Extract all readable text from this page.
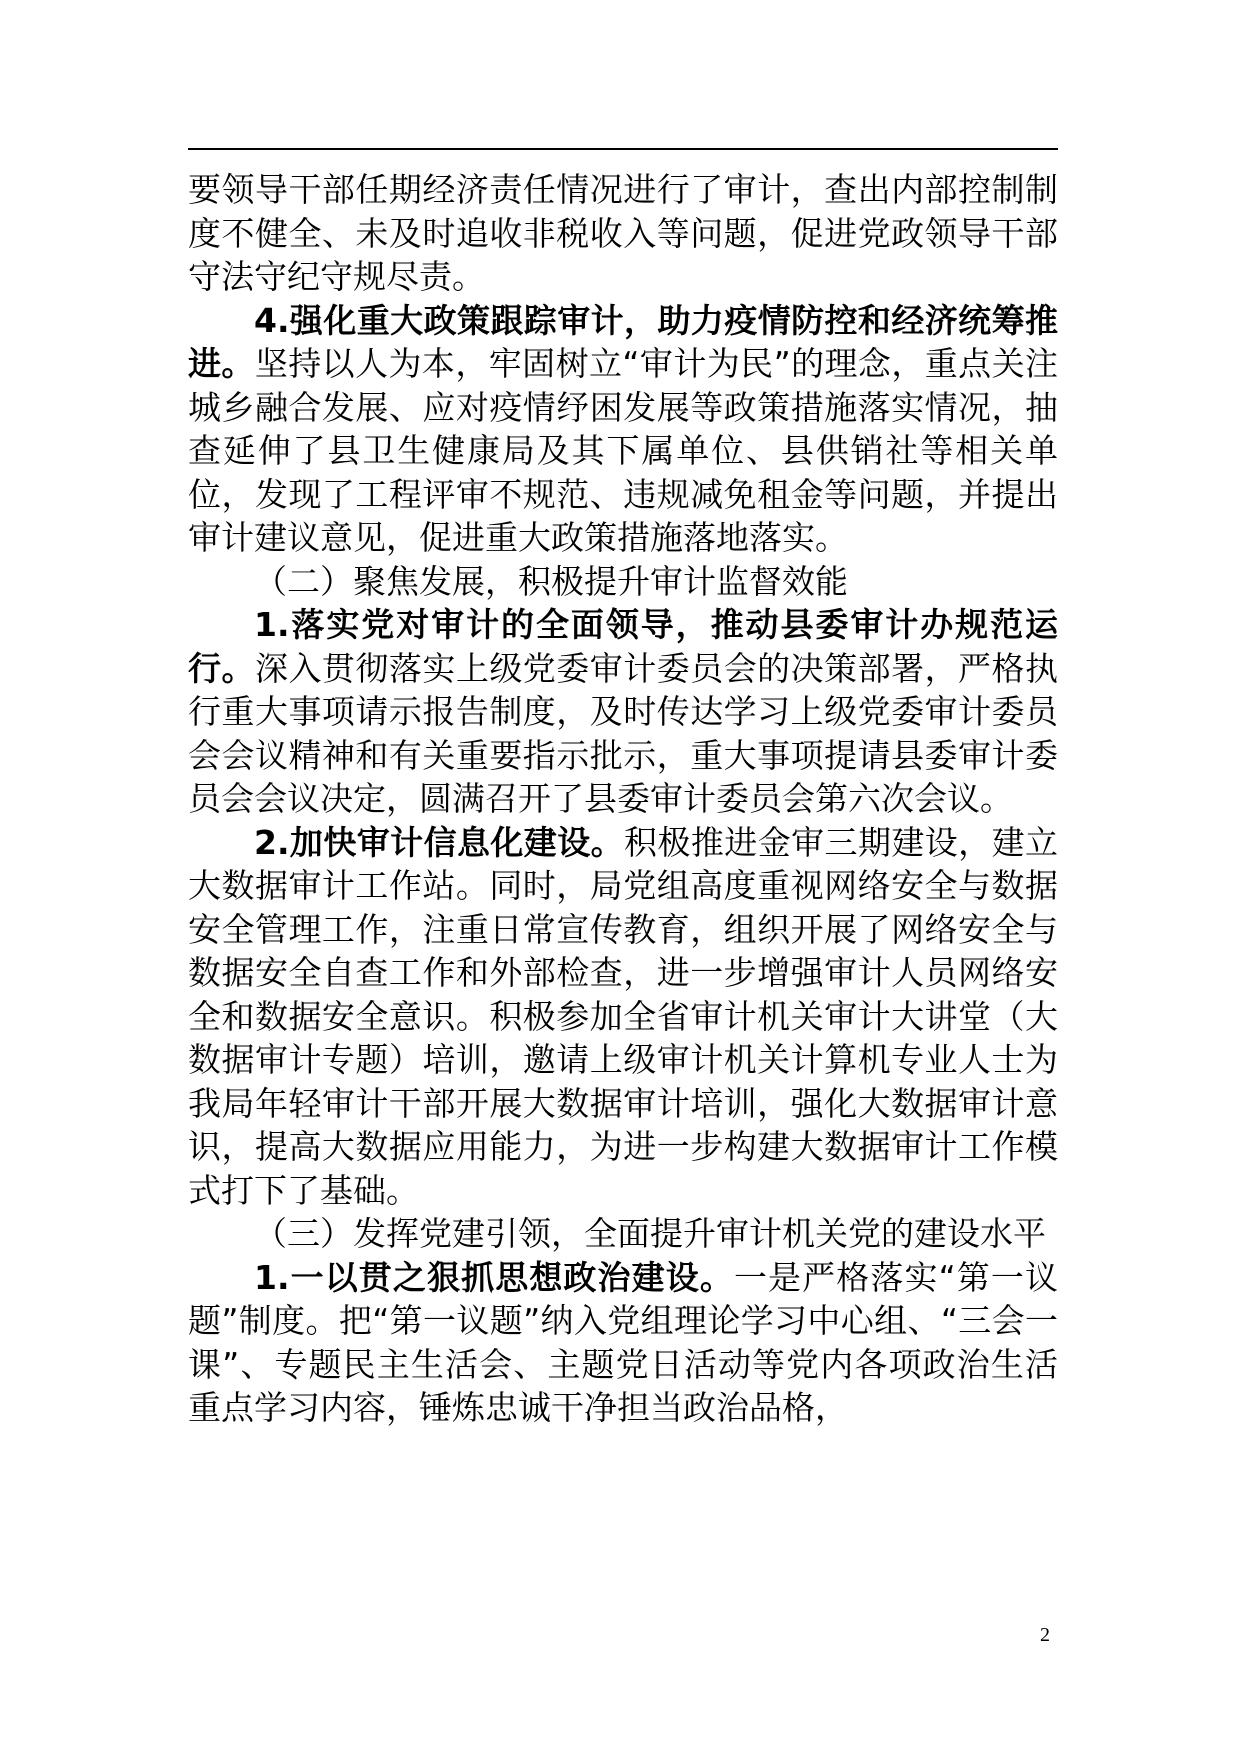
要领导干部任期经济责任情况进行了审计，查出内部控制制度不健全、未及时追收非税收入等问题，促进党政领导干部守法守纪守规尽责。

4.强化重大政策跟踪审计，助力疫情防控和经济统筹推进。坚持以人为本，牢固树立“审计为民”的理念，重点关注城乡融合发展、应对疫情纾困发展等政策措施落实情况，抽查延伸了县卫生健康局及其下属单位、县供销社等相关单位，发现了工程评审不规范、违规减免租金等问题，并提出审计建议意见，促进重大政策措施落地落实。

（二）聚焦发展，积极提升审计监督效能

1.落实党对审计的全面领导，推动县委审计办规范运行。深入贯彻落实上级党委审计委员会的决策部署，严格执行重大事项请示报告制度，及时传达学习上级党委审计委员会会议精神和有关重要指示批示，重大事项提请县委审计委员会会议决定，圆满召开了县委审计委员会第六次会议。

2.加快审计信息化建设。积极推进金审三期建设，建立大数据审计工作站。同时，局党组高度重视网络安全与数据安全管理工作，注重日常宣传教育，组织开展了网络安全与数据安全自查工作和外部检查，进一步增强审计人员网络安全和数据安全意识。积极参加全省审计机关审计大讲堂（大数据审计专题）培训，邀请上级审计机关计算机专业人士为我局年轻审计干部开展大数据审计培训，强化大数据审计意识，提高大数据应用能力，为进一步构建大数据审计工作模式打下了基础。

（三）发挥党建引领，全面提升审计机关党的建设水平

1.一以贯之狠抓思想政治建设。一是严格落实“第一议题”制度。把“第一议题”纳入党组理论学习中心组、“三会一课”、专题民主生活会、主题党日活动等党内各项政治生活重点学习内容，锤炼忠诚干净担当政治品格，

2
